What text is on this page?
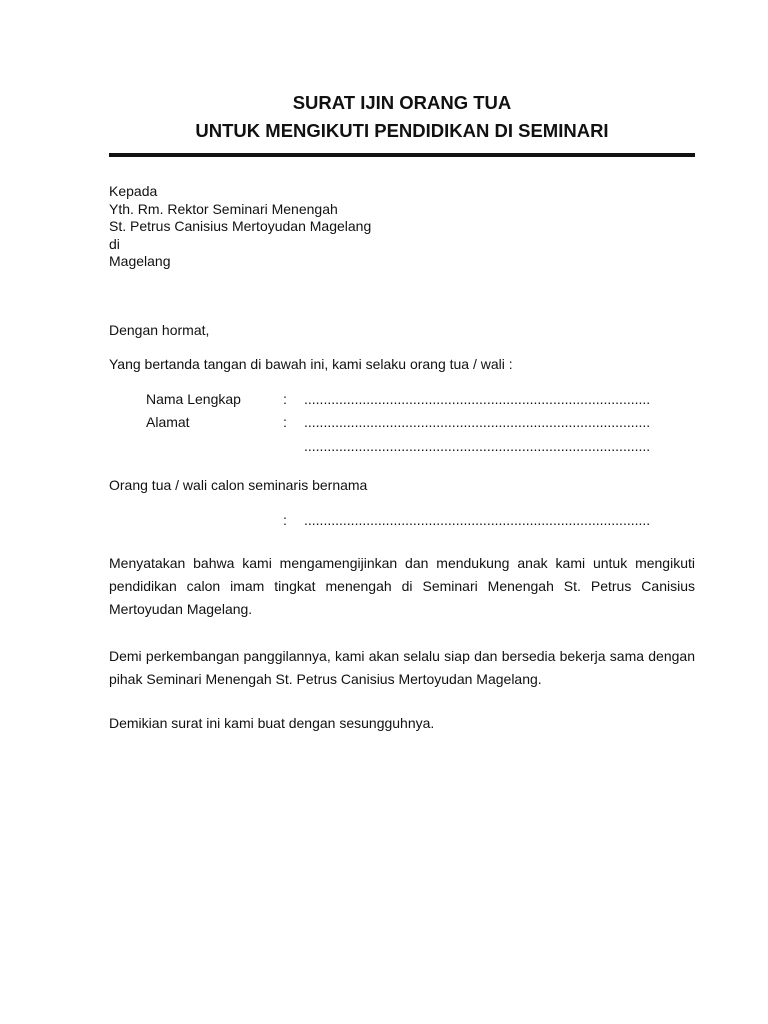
SURAT IJIN ORANG TUA
UNTUK MENGIKUTI PENDIDIKAN DI SEMINARI
Kepada
Yth. Rm. Rektor Seminari Menengah
St. Petrus Canisius Mertoyudan Magelang
di
Magelang
Dengan hormat,
Yang bertanda tangan di bawah ini, kami selaku orang tua / wali :
Nama Lengkap	: .........................................................................................
Alamat	: .........................................................................................
.........................................................................................
Orang tua / wali calon seminaris bernama
: .........................................................................................
Menyatakan bahwa kami mengamengijinkan dan mendukung anak kami untuk mengikuti pendidikan calon imam tingkat menengah di Seminari Menengah St. Petrus Canisius Mertoyudan Magelang.
Demi perkembangan panggilannya, kami akan selalu siap dan bersedia bekerja sama dengan pihak Seminari Menengah St. Petrus Canisius Mertoyudan Magelang.
Demikian surat ini kami buat dengan sesungguhnya.
